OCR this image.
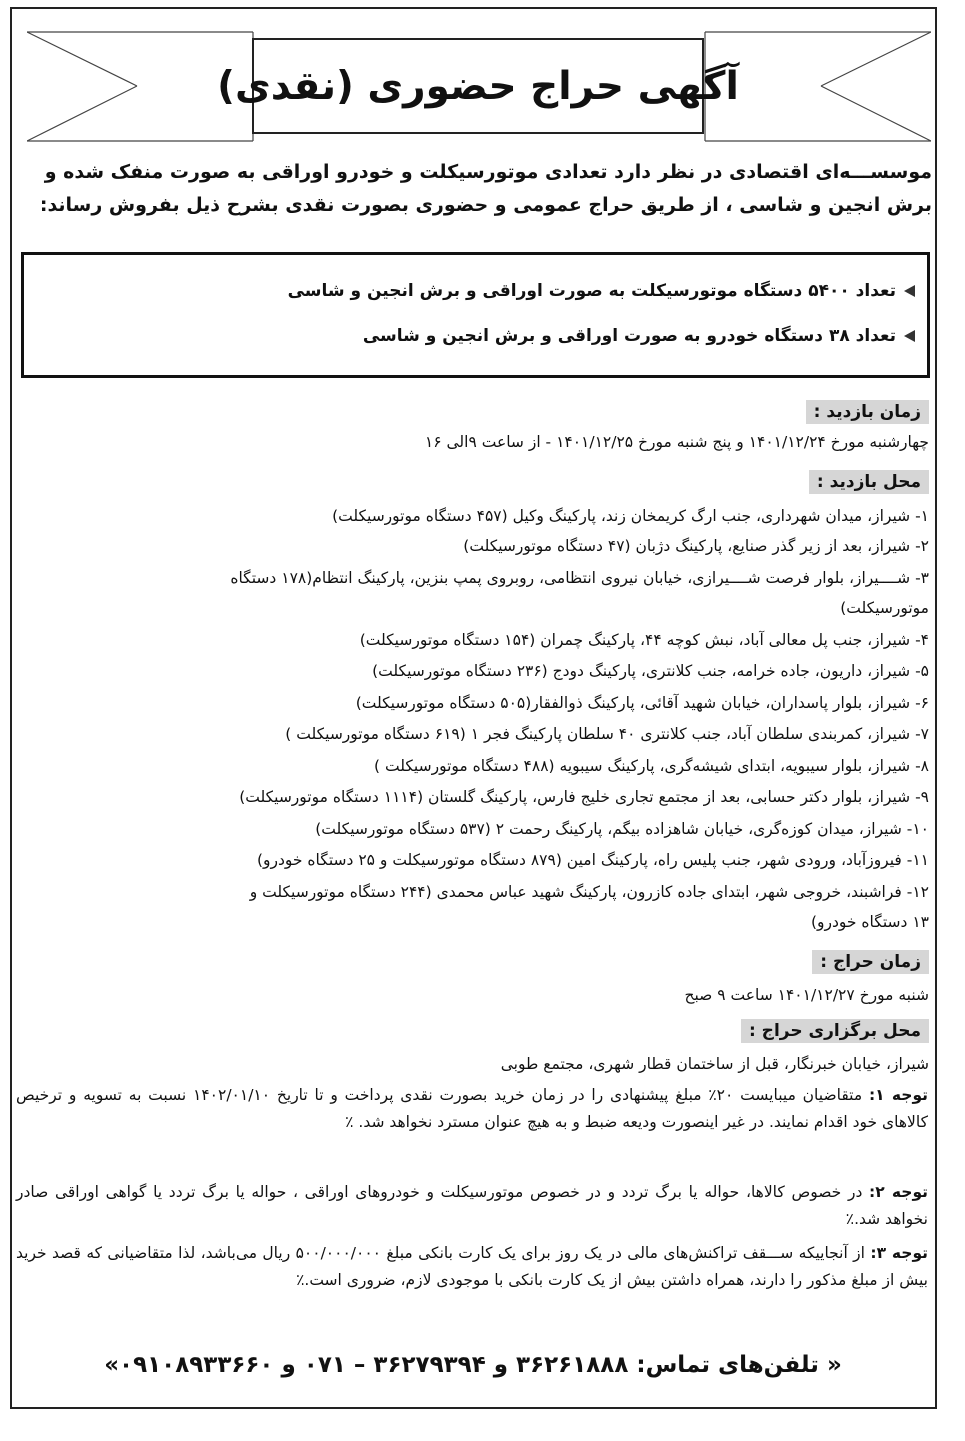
آگهی حراج حضوری (نقدی)
موسســـه‌ای اقتصادی در نظر دارد تعدادی موتورسیکلت و خودرو اوراقی به صورت منفک شده و برش انجین و شاسی ، از طریق حراج عمومی و حضوری بصورت نقدی بشرح ذیل بفروش رساند:
تعداد ۵۴۰۰ دستگاه موتورسیکلت به صورت اوراقی و برش انجین و شاسی
تعداد ۳۸ دستگاه خودرو به صورت اوراقی و برش انجین و شاسی
زمان بازدید :
چهارشنبه مورخ ۱۴۰۱/۱۲/۲۴ و پنج شنبه مورخ ۱۴۰۱/۱۲/۲۵ - از ساعت ۹الی ۱۶
محل بازدید :
۱- شیراز، میدان شهرداری، جنب ارگ کریمخان زند، پارکینگ وکیل (۴۵۷ دستگاه موتورسیکلت)
۲- شیراز، بعد از زیر گذر صنایع، پارکینگ دژبان (۴۷ دستگاه موتورسیکلت)
۳- شــــیراز، بلوار فرصت شــــیرازی، خیابان نیروی انتظامی، روبروی پمپ بنزین، پارکینگ انتظام(۱۷۸ دستگاه
موتورسیکلت)
۴- شیراز، جنب پل معالی آباد، نبش کوچه ۴۴، پارکینگ چمران (۱۵۴ دستگاه موتورسیکلت)
۵- شیراز، داریون، جاده خرامه، جنب کلانتری، پارکینگ دودج (۲۳۶ دستگاه موتورسیکلت)
۶- شیراز، بلوار پاسداران، خیابان شهید آقائی، پارکینگ ذوالفقار(۵۰۵ دستگاه موتورسیکلت)
۷- شیراز، کمربندی سلطان آباد، جنب کلانتری ۴۰ سلطان پارکینگ فجر ۱ (۶۱۹ دستگاه موتورسیکلت )
۸- شیراز، بلوار سیبویه، ابتدای شیشه‌گری، پارکینگ سیبویه (۴۸۸ دستگاه موتورسیکلت )
۹- شیراز، بلوار دکتر حسابی، بعد از مجتمع تجاری خلیج فارس، پارکینگ گلستان (۱۱۱۴ دستگاه موتورسیکلت)
۱۰- شیراز، میدان کوزه‌گری، خیابان شاهزاده بیگم، پارکینگ رحمت ۲ (۵۳۷ دستگاه موتورسیکلت)
۱۱- فیروزآباد، ورودی شهر، جنب پلیس راه، پارکینگ امین (۸۷۹ دستگاه موتورسیکلت و ۲۵ دستگاه خودرو)
۱۲- فراشبند، خروجی شهر، ابتدای جاده کازرون، پارکینگ شهید عباس محمدی (۲۴۴ دستگاه موتورسیکلت و
۱۳ دستگاه خودرو)
زمان حراج :
شنبه مورخ ۱۴۰۱/۱۲/۲۷ ساعت ۹ صبح
محل برگزاری حراج :
شیراز، خیابان خبرنگار، قبل از ساختمان قطار شهری، مجتمع طوبی
توجه ۱: متقاضیان میبایست ۲۰٪ مبلغ پیشنهادی را در زمان خرید بصورت نقدی پرداخت و تا تاریخ ۱۴۰۲/۰۱/۱۰ نسبت به تسویه و ترخیص کالاهای خود اقدام نمایند. در غیر اینصورت ودیعه ضبط و به هیچ عنوان مسترد نخواهد شد. ٪
توجه ۲: در خصوص کالاها، حواله یا برگ تردد و در خصوص موتورسیکلت و خودروهای اوراقی ، حواله یا برگ تردد یا گواهی اوراقی صادر نخواهد شد.٪
توجه ۳: از آنجاییکه ســـقف تراکنش‌های مالی در یک روز برای یک کارت بانکی مبلغ ۵۰۰/۰۰۰/۰۰۰ ریال می‌باشد، لذا متقاضیانی که قصد خرید بیش از مبلغ مذکور را دارند، همراه داشتن بیش از یک کارت بانکی با موجودی لازم، ضروری است.٪
« تلفن‌های تماس: ۳۶۲۶۱۸۸۸ و ۳۶۲۷۹۳۹۴ – ۰۷۱ و ۰۹۱۰۸۹۳۳۶۶۰»
